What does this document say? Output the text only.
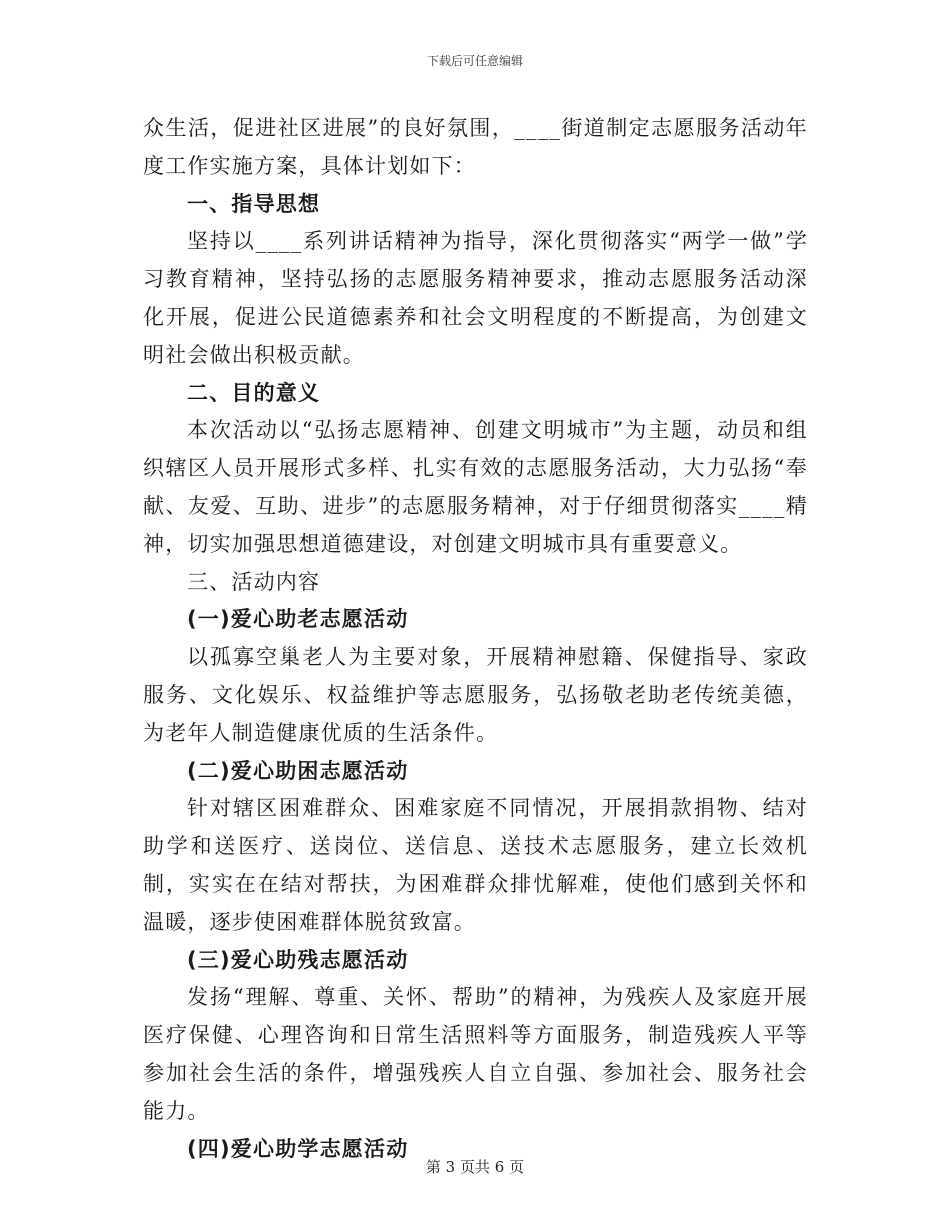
下载后可任意编辑

众生活，促进社区进展”的良好氛围，____街道制定志愿服务活动年度工作实施方案，具体计划如下：

一、指导思想

坚持以____系列讲话精神为指导，深化贯彻落实“两学一做”学习教育精神，坚持弘扬的志愿服务精神要求，推动志愿服务活动深化开展，促进公民道德素养和社会文明程度的不断提高，为创建文明社会做出积极贡献。

二、目的意义

本次活动以“弘扬志愿精神、创建文明城市”为主题，动员和组织辖区人员开展形式多样、扎实有效的志愿服务活动，大力弘扬“奉献、友爱、互助、进步”的志愿服务精神，对于仔细贯彻落实____精神，切实加强思想道德建设，对创建文明城市具有重要意义。

三、活动内容

(一)爱心助老志愿活动

以孤寡空巢老人为主要对象，开展精神慰籍、保健指导、家政服务、文化娱乐、权益维护等志愿服务，弘扬敬老助老传统美德，为老年人制造健康优质的生活条件。

(二)爱心助困志愿活动

针对辖区困难群众、困难家庭不同情况，开展捐款捐物、结对助学和送医疗、送岗位、送信息、送技术志愿服务，建立长效机制，实实在在结对帮扶，为困难群众排忧解难，使他们感到关怀和温暖，逐步使困难群体脱贫致富。

(三)爱心助残志愿活动

发扬“理解、尊重、关怀、帮助”的精神，为残疾人及家庭开展医疗保健、心理咨询和日常生活照料等方面服务，制造残疾人平等参加社会生活的条件，增强残疾人自立自强、参加社会、服务社会能力。

(四)爱心助学志愿活动

第 3 页共 6 页
